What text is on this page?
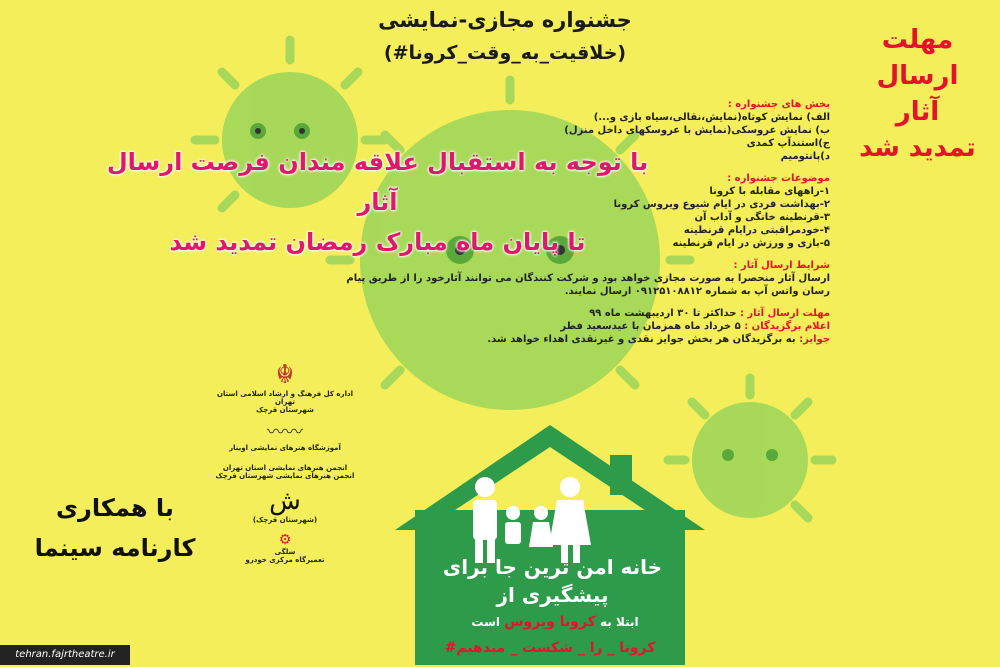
جشنواره مجازی-نمایشی
(#خلاقیت_به_وقت_کرونا)	مهلت
ارسال
آثار
تمدید شد
بخش های جشنواره :
الف) نمایش کوتاه(نمایش،نقالی،سیاه بازی و...)
ب) نمایش عروسکی(نمایش با عروسکهای داخل منزل)
ج)استندآپ کمدی
د)پانتومیم
موضوعات جشنواره :
۱-راههای مقابله با کرونا
۲-بهداشت فردی در ایام شیوع ویروس کرونا
۳-قرنطینه خانگی و آداب آن
۴-خودمراقبتی درایام قرنطینه
۵-بازی و ورزش در ایام قرنطینه
شرایط ارسال آثار :
ارسال آثار منحصرا به صورت مجازی خواهد بود و شرکت کنندگان می توانند آثارخود را از طریق پیام
رسان واتس آپ به شماره ۰۹۱۲۵۱۰۸۸۱۲ ارسال نمایند.
مهلت ارسال آثار : حداکثر تا ۳۰ اردیبهشت ماه ۹۹
اعلام برگزیدگان : ۵ خرداد ماه همزمان با عیدسعید فطر
جوایز: به برگزیدگان هر بخش جوایز نقدی و غیرنقدی اهداء خواهد شد.
با توجه به استقبال علاقه مندان فرصت ارسال آثار
تا پایان ماه مبارک رمضان تمدید شد
☬
اداره کل فرهنگ و ارشاد اسلامی استان تهران
شهرستان قرچک
〰〰
آموزشگاه هنرهای نمایشی اوینار
انجمن هنرهای نمایشی استان تهران
انجمن هنرهای نمایشی شهرستان قرچک
ﺵ
(شهرستان قرچک)
⚙
سلگی
تعمیرگاه مرکزی خودرو
با همکاری
کارنامه سینما
خانه امن ترین جا برای
پیشگیری از
ابتلا به کرونا ویروس است
#کرونا _ را _ شکست _ میدهیم
tehran.fajrtheatre.ir
